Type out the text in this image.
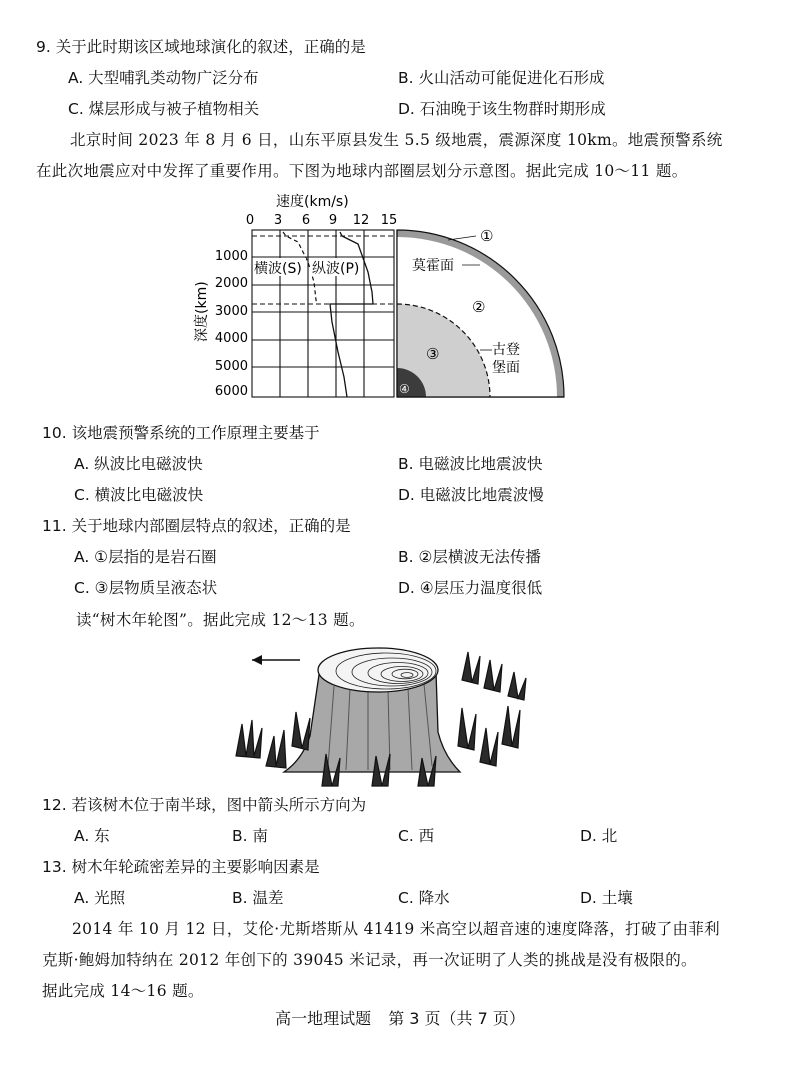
9. 关于此时期该区域地球演化的叙述，正确的是
A. 大型哺乳类动物广泛分布	B. 火山活动可能促进化石形成
C. 煤层形成与被子植物相关	D. 石油晚于该生物群时期形成
北京时间 2023 年 8 月 6 日，山东平原县发生 5.5 级地震，震源深度 10km。地震预警系统
在此次地震应对中发挥了重要作用。下图为地球内部圈层划分示意图。据此完成 10～11 题。
速度(km/s)
0 3 6 9 12 15
深度(km)
1000
2000
3000
4000
5000
6000
横波(S) 纵波(P)
①
莫霍面
②
③	古登
堡面
④
10. 该地震预警系统的工作原理主要基于
A. 纵波比电磁波快	B. 电磁波比地震波快
C. 横波比电磁波快	D. 电磁波比地震波慢
11. 关于地球内部圈层特点的叙述，正确的是
A. ①层指的是岩石圈	B. ②层横波无法传播
C. ③层物质呈液态状	D. ④层压力温度很低
读“树木年轮图”。据此完成 12～13 题。
12. 若该树木位于南半球，图中箭头所示方向为
A. 东	B. 南	C. 西	D. 北
13. 树木年轮疏密差异的主要影响因素是
A. 光照	B. 温差	C. 降水	D. 土壤
2014 年 10 月 12 日，艾伦·尤斯塔斯从 41419 米高空以超音速的速度降落，打破了由菲利
克斯·鲍姆加特纳在 2012 年创下的 39045 米记录，再一次证明了人类的挑战是没有极限的。
据此完成 14～16 题。
高一地理试题 第 3 页（共 7 页）
